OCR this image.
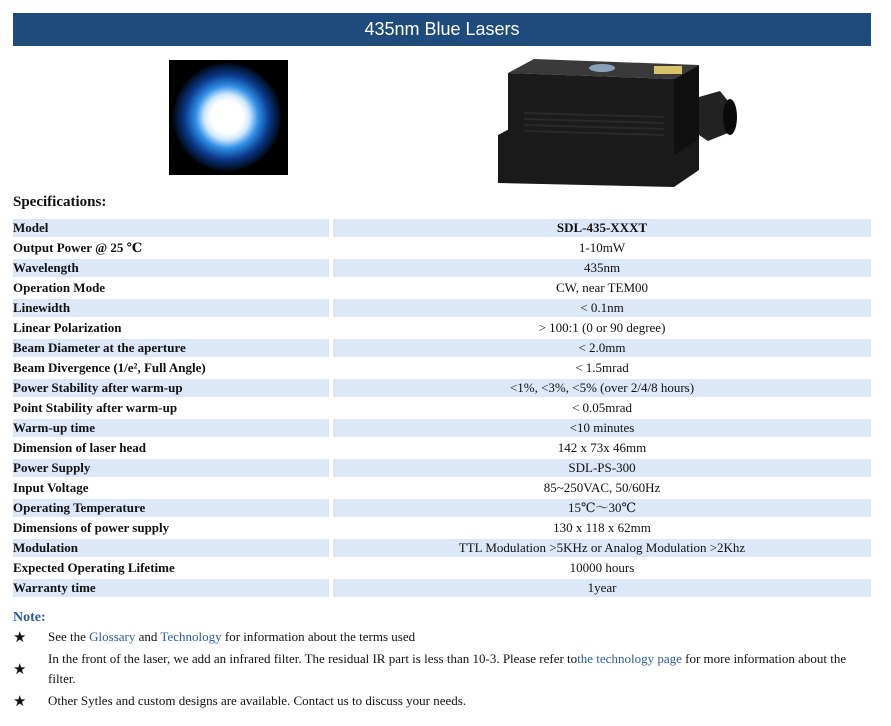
435nm Blue Lasers
Specifications:
Model		SDL-435-XXXT
Output Power @ 25 ℃		1-10mW
Wavelength		435nm
Operation Mode		CW, near TEM00
Linewidth		< 0.1nm
Linear Polarization		> 100:1 (0 or 90 degree)
Beam Diameter at the aperture		< 2.0mm
Beam Divergence (1/e², Full Angle)		< 1.5mrad
Power Stability after warm-up		<1%, <3%, <5% (over 2/4/8 hours)
Point Stability after warm-up		< 0.05mrad
Warm-up time		<10 minutes
Dimension of laser head		142 x 73x 46mm
Power Supply		SDL-PS-300
Input Voltage		85~250VAC, 50/60Hz
Operating Temperature		15℃～30℃
Dimensions of power supply		130 x 118 x 62mm
Modulation		TTL Modulation >5KHz or Analog Modulation >2Khz
Expected Operating Lifetime		10000 hours
Warranty time		1year
Note:
★	See the Glossary and Technology for information about the terms used
★
In the front of the laser, we add an infrared filter. The residual IR part is less than 10-3. Please refer tothe technology page for more information about the filter.
★	Other Sytles and custom designs are available. Contact us to discuss your needs.
